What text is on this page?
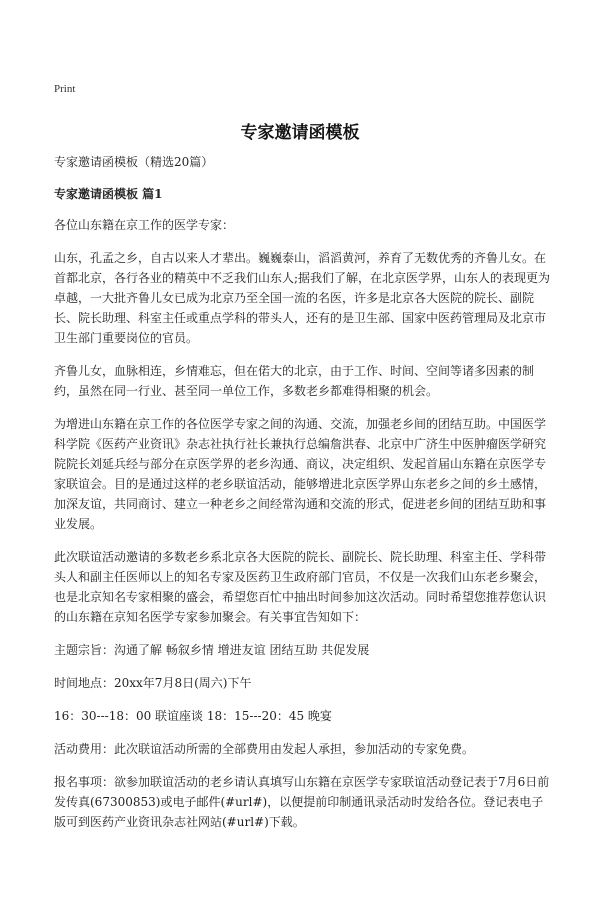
Print
专家邀请函模板

专家邀请函模板（精选20篇）

专家邀请函模板 篇1

各位山东籍在京工作的医学专家：

山东，孔孟之乡，自古以来人才辈出。巍巍泰山，滔滔黄河，养育了无数优秀的齐鲁儿女。在首都北京，各行各业的精英中不乏我们山东人;据我们了解，在北京医学界，山东人的表现更为卓越，一大批齐鲁儿女已成为北京乃至全国一流的名医，许多是北京各大医院的院长、副院长、院长助理、科室主任或重点学科的带头人，还有的是卫生部、国家中医药管理局及北京市卫生部门重要岗位的官员。

齐鲁儿女，血脉相连，乡情难忘，但在偌大的北京，由于工作、时间、空间等诸多因素的制约，虽然在同一行业、甚至同一单位工作，多数老乡都难得相聚的机会。

为增进山东籍在京工作的各位医学专家之间的沟通、交流，加强老乡间的团结互助。中国医学科学院《医药产业资讯》杂志社执行社长兼执行总编詹洪春、北京中广济生中医肿瘤医学研究院院长刘延兵经与部分在京医学界的老乡沟通、商议，决定组织、发起首届山东籍在京医学专家联谊会。目的是通过这样的老乡联谊活动，能够增进北京医学界山东老乡之间的乡土感情，加深友谊，共同商讨、建立一种老乡之间经常沟通和交流的形式，促进老乡间的团结互助和事业发展。

此次联谊活动邀请的多数老乡系北京各大医院的院长、副院长、院长助理、科室主任、学科带头人和副主任医师以上的知名专家及医药卫生政府部门官员，不仅是一次我们山东老乡聚会，也是北京知名专家相聚的盛会，希望您百忙中抽出时间参加这次活动。同时希望您推荐您认识的山东籍在京知名医学专家参加聚会。有关事宜告知如下：

主题宗旨：沟通了解 畅叙乡情 增进友谊 团结互助 共促发展

时间地点：20xx年7月8日(周六)下午

16：30---18：00 联谊座谈 18：15---20：45 晚宴

活动费用：此次联谊活动所需的全部费用由发起人承担，参加活动的专家免费。

报名事项：欲参加联谊活动的老乡请认真填写山东籍在京医学专家联谊活动登记表于7月6日前发传真(67300853)或电子邮件(#url#)，以便提前印制通讯录活动时发给各位。登记表电子版可到医药产业资讯杂志社网站(#url#)下载。
